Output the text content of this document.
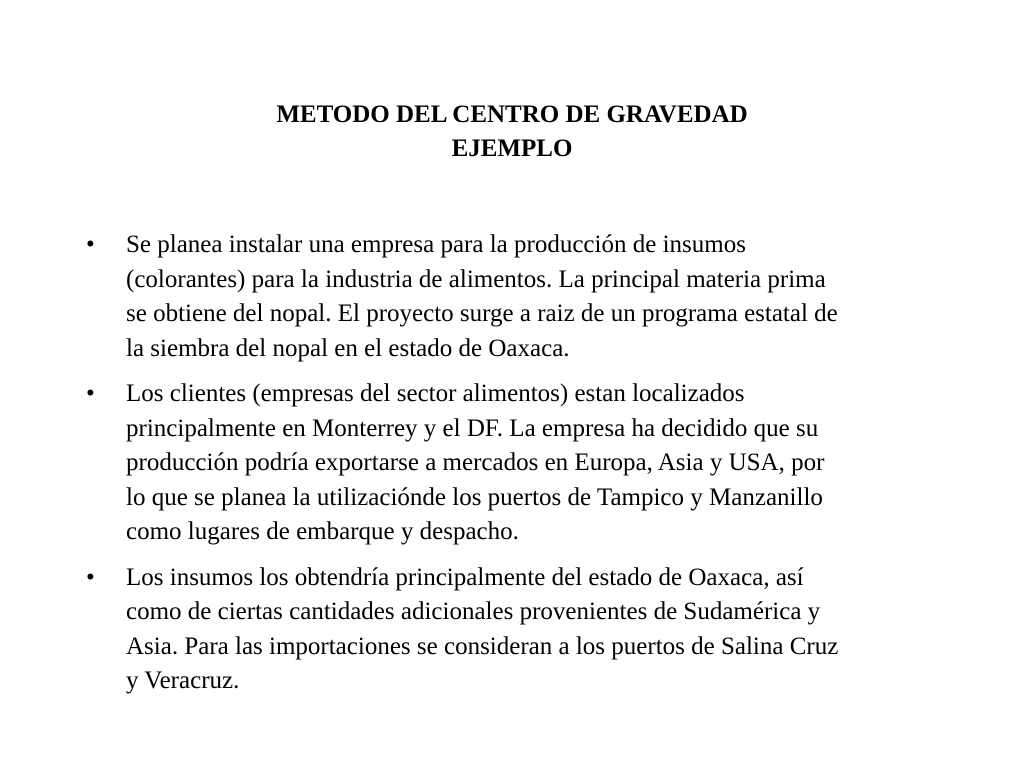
METODO DEL CENTRO DE GRAVEDAD
EJEMPLO
•	Se planea instalar una empresa para la producción de insumos
(colorantes) para la industria de alimentos. La principal materia prima
se obtiene del nopal. El proyecto surge a raiz de un programa estatal de
la siembra del nopal en el estado de Oaxaca.
•	Los clientes (empresas del sector alimentos) estan localizados
principalmente en Monterrey y el DF. La empresa ha decidido que su
producción podría exportarse a mercados en Europa, Asia y USA, por
lo que se planea la utilizaciónde los puertos de Tampico y Manzanillo
como lugares de embarque y despacho.
•	Los insumos los obtendría principalmente del estado de Oaxaca, así
como de ciertas cantidades adicionales provenientes de Sudamérica y
Asia. Para las importaciones se consideran a los puertos de Salina Cruz
y Veracruz.
